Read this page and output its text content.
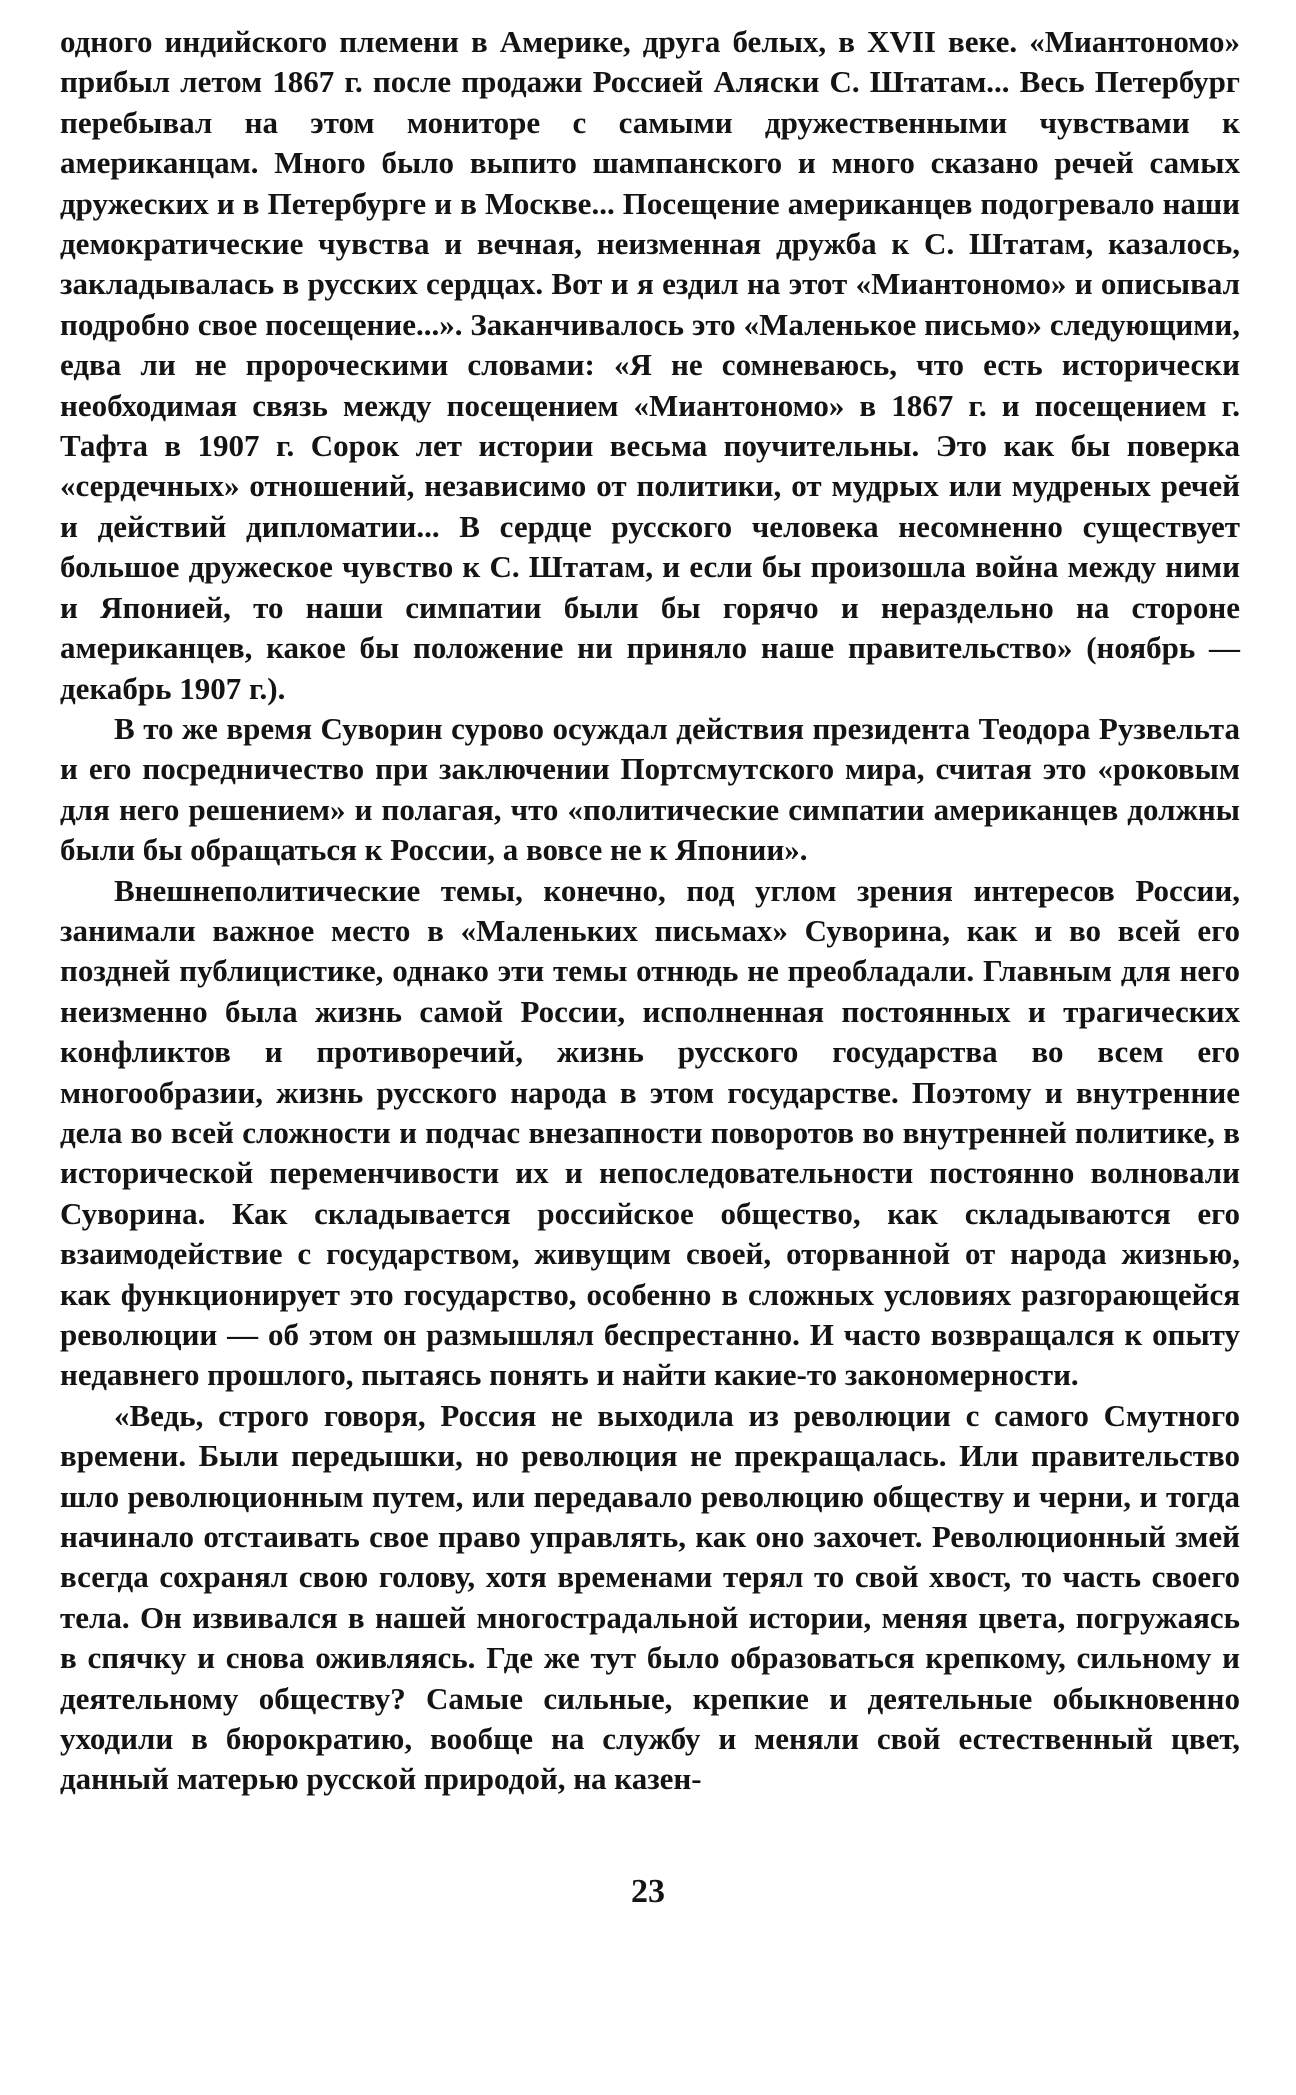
одного индийского племени в Америке, друга белых, в XVII веке. «Миантономо» прибыл летом 1867 г. после продажи Россией Аляски С. Штатам... Весь Петербург перебывал на этом мониторе с самыми дружественными чувствами к американцам. Много было выпито шампанского и много сказано речей самых дружеских и в Петербурге и в Москве... Посещение американцев подогревало наши демократические чувства и вечная, неизменная дружба к С. Штатам, казалось, закладывалась в русских сердцах. Вот и я ездил на этот «Миантономо» и описывал подробно свое посещение...». Заканчивалось это «Маленькое письмо» следующими, едва ли не пророческими словами: «Я не сомневаюсь, что есть исторически необходимая связь между посещением «Миантономо» в 1867 г. и посещением г. Тафта в 1907 г. Сорок лет истории весьма поучительны. Это как бы поверка «сердечных» отношений, независимо от политики, от мудрых или мудреных речей и действий дипломатии... В сердце русского человека несомненно существует большое дружеское чувство к С. Штатам, и если бы произошла война между ними и Японией, то наши симпатии были бы горячо и нераздельно на стороне американцев, какое бы положение ни приняло наше правительство» (ноябрь — декабрь 1907 г.).

В то же время Суворин сурово осуждал действия президента Теодора Рузвельта и его посредничество при заключении Портсмутского мира, считая это «роковым для него решением» и полагая, что «политические симпатии американцев должны были бы обращаться к России, а вовсе не к Японии».

Внешнеполитические темы, конечно, под углом зрения интересов России, занимали важное место в «Маленьких письмах» Суворина, как и во всей его поздней публицистике, однако эти темы отнюдь не преобладали. Главным для него неизменно была жизнь самой России, исполненная постоянных и трагических конфликтов и противоречий, жизнь русского государства во всем его многообразии, жизнь русского народа в этом государстве. Поэтому и внутренние дела во всей сложности и подчас внезапности поворотов во внутренней политике, в исторической переменчивости их и непоследовательности постоянно волновали Суворина. Как складывается российское общество, как складываются его взаимодействие с государством, живущим своей, оторванной от народа жизнью, как функционирует это государство, особенно в сложных условиях разгорающейся революции — об этом он размышлял беспрестанно. И часто возвращался к опыту недавнего прошлого, пытаясь понять и найти какие-то закономерности.

«Ведь, строго говоря, Россия не выходила из революции с самого Смутного времени. Были передышки, но революция не прекращалась. Или правительство шло революционным путем, или передавало революцию обществу и черни, и тогда начинало отстаивать свое право управлять, как оно захочет. Революционный змей всегда сохранял свою голову, хотя временами терял то свой хвост, то часть своего тела. Он извивался в нашей многострадальной истории, меняя цвета, погружаясь в спячку и снова оживляясь. Где же тут было образоваться крепкому, сильному и деятельному обществу? Самые сильные, крепкие и деятельные обыкновенно уходили в бюрократию, вообще на службу и меняли свой естественный цвет, данный матерью русской природой, на казен-

23
